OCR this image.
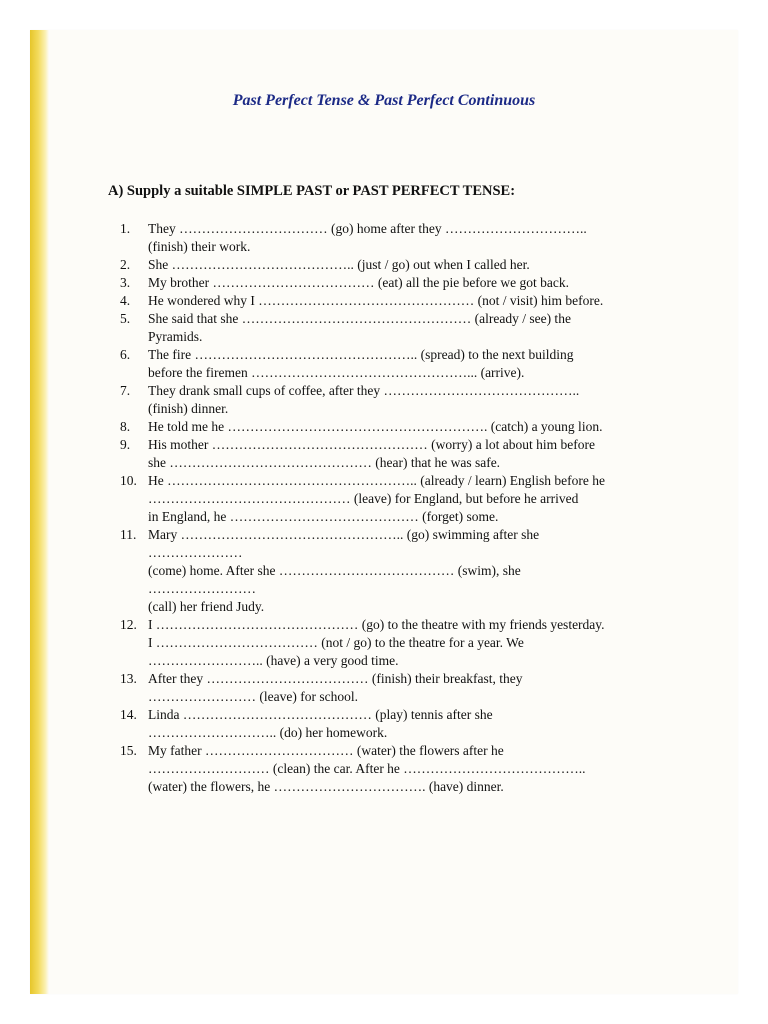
Past Perfect Tense & Past Perfect Continuous
A) Supply a suitable SIMPLE PAST or PAST PERFECT TENSE:
1.	They …………………………… (go) home after they …………………………..
(finish) their work.
2.	She ………………………………….. (just / go) out when I called her.
3.	My brother ……………………………… (eat) all the pie before we got back.
4.	He wondered why I ………………………………………… (not / visit) him before.
5.	She said that she …………………………………………… (already / see) the
Pyramids.
6.	The fire ………………………………………….. (spread) to the next building
before the firemen …………………………………………... (arrive).
7.	They drank small cups of coffee, after they ……………………………………..
(finish) dinner.
8.	He told me he …………………………………………………. (catch) a young lion.
9.	His mother ………………………………………… (worry) a lot about him before
she ……………………………………… (hear) that he was safe.
10. He ……………………………………………….. (already / learn) English before he
……………………………………… (leave) for England, but before he arrived
in England, he …………………………………… (forget) some.
11. Mary ………………………………………….. (go) swimming after she
…………………
(come) home. After she ………………………………… (swim), she
……………………
(call) her friend Judy.
12. I ……………………………………… (go) to the theatre with my friends yesterday.
I ……………………………… (not / go) to the theatre for a year. We
…………………….. (have) a very good time.
13. After they ……………………………… (finish) their breakfast, they
…………………… (leave) for school.
14. Linda …………………………………… (play) tennis after she
……………………….. (do) her homework.
15. My father …………………………… (water) the flowers after he
……………………… (clean) the car. After he …………………………………..
(water) the flowers, he ……………………………. (have) dinner.
